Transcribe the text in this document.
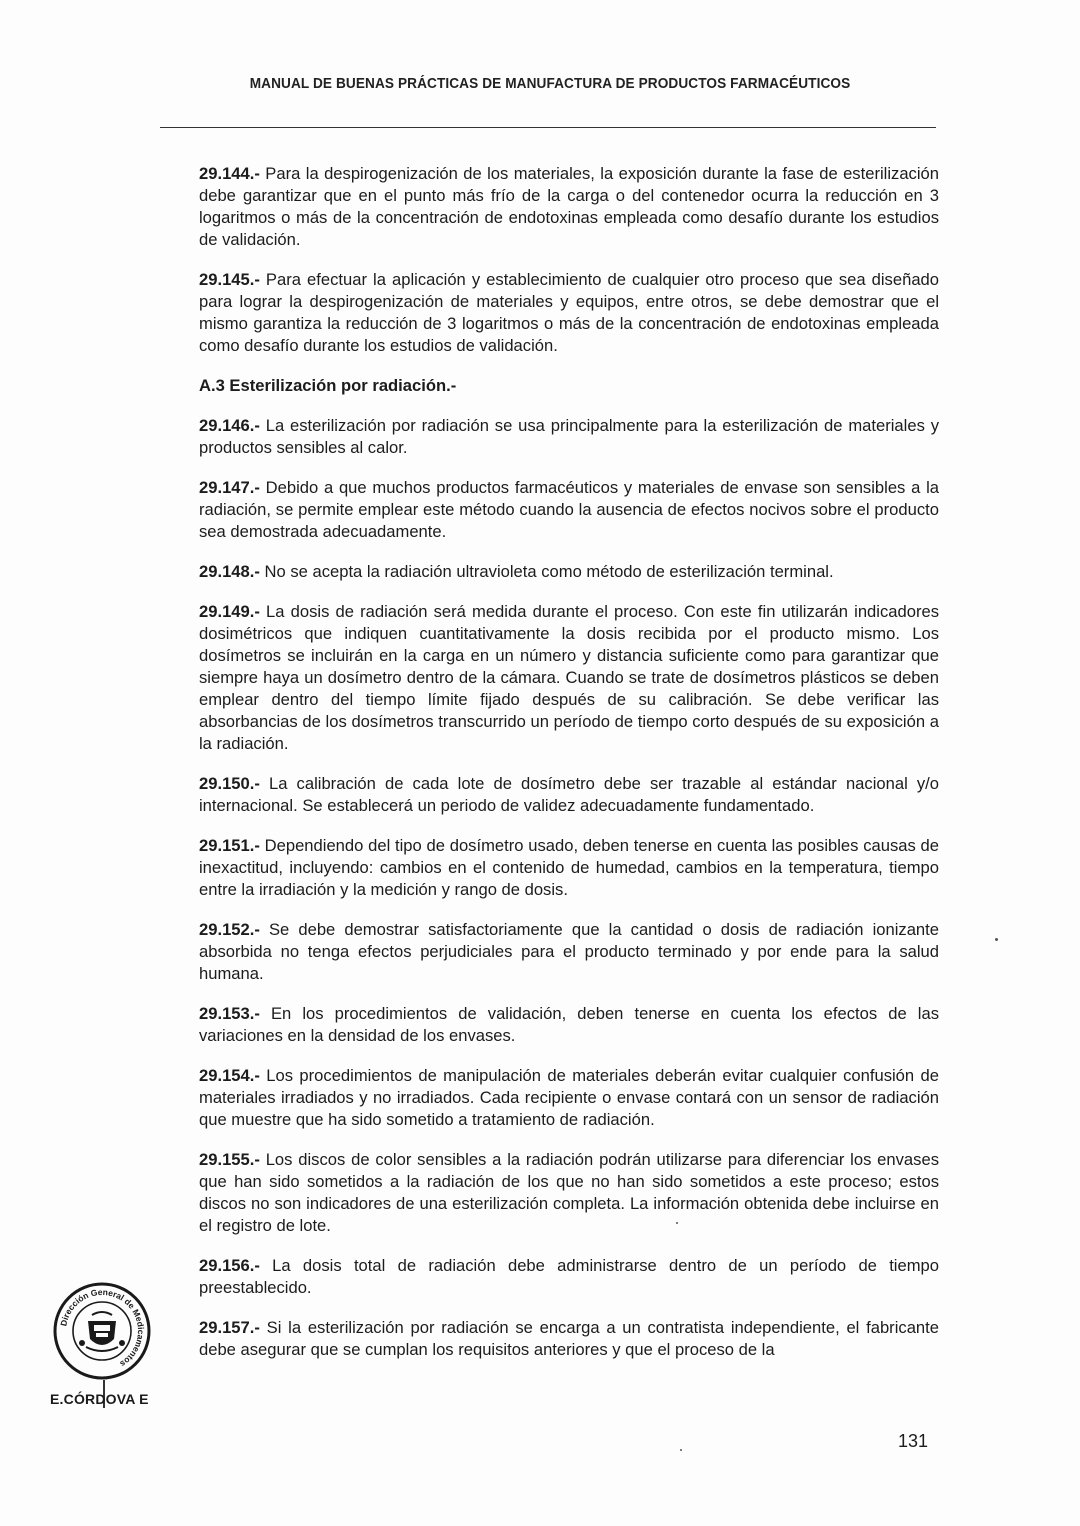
MANUAL DE BUENAS PRÁCTICAS DE MANUFACTURA DE PRODUCTOS FARMACÉUTICOS

29.144.- Para la despirogenización de los materiales, la exposición durante la fase de esterilización debe garantizar que en el punto más frío de la carga o del contenedor ocurra la reducción en 3 logaritmos o más de la concentración de endotoxinas empleada como desafío durante los estudios de validación.

29.145.- Para efectuar la aplicación y establecimiento de cualquier otro proceso que sea diseñado para lograr la despirogenización de materiales y equipos, entre otros, se debe demostrar que el mismo garantiza la reducción de 3 logaritmos o más de la concentración de endotoxinas empleada como desafío durante los estudios de validación.

A.3 Esterilización por radiación.-

29.146.- La esterilización por radiación se usa principalmente para la esterilización de materiales y productos sensibles al calor.

29.147.- Debido a que muchos productos farmacéuticos y materiales de envase son sensibles a la radiación, se permite emplear este método cuando la ausencia de efectos nocivos sobre el producto sea demostrada adecuadamente.

29.148.- No se acepta la radiación ultravioleta como método de esterilización terminal.

29.149.- La dosis de radiación será medida durante el proceso. Con este fin utilizarán indicadores dosimétricos que indiquen cuantitativamente la dosis recibida por el producto mismo. Los dosímetros se incluirán en la carga en un número y distancia suficiente como para garantizar que siempre haya un dosímetro dentro de la cámara. Cuando se trate de dosímetros plásticos se deben emplear dentro del tiempo límite fijado después de su calibración. Se debe verificar las absorbancias de los dosímetros transcurrido un período de tiempo corto después de su exposición a la radiación.

29.150.- La calibración de cada lote de dosímetro debe ser trazable al estándar nacional y/o internacional. Se establecerá un periodo de validez adecuadamente fundamentado.

29.151.- Dependiendo del tipo de dosímetro usado, deben tenerse en cuenta las posibles causas de inexactitud, incluyendo: cambios en el contenido de humedad, cambios en la temperatura, tiempo entre la irradiación y la medición y rango de dosis.

29.152.- Se debe demostrar satisfactoriamente que la cantidad o dosis de radiación ionizante absorbida no tenga efectos perjudiciales para el producto terminado y por ende para la salud humana.

29.153.- En los procedimientos de validación, deben tenerse en cuenta los efectos de las variaciones en la densidad de los envases.

29.154.- Los procedimientos de manipulación de materiales deberán evitar cualquier confusión de materiales irradiados y no irradiados. Cada recipiente o envase contará con un sensor de radiación que muestre que ha sido sometido a tratamiento de radiación.

29.155.- Los discos de color sensibles a la radiación podrán utilizarse para diferenciar los envases que han sido sometidos a la radiación de los que no han sido sometidos a este proceso; estos discos no son indicadores de una esterilización completa. La información obtenida debe incluirse en el registro de lote.

29.156.- La dosis total de radiación debe administrarse dentro de un período de tiempo preestablecido.

29.157.- Si la esterilización por radiación se encarga a un contratista independiente, el fabricante debe asegurar que se cumplan los requisitos anteriores y que el proceso de la

Dirección General de Medicamentos
E.CÓRDOVA E
131
